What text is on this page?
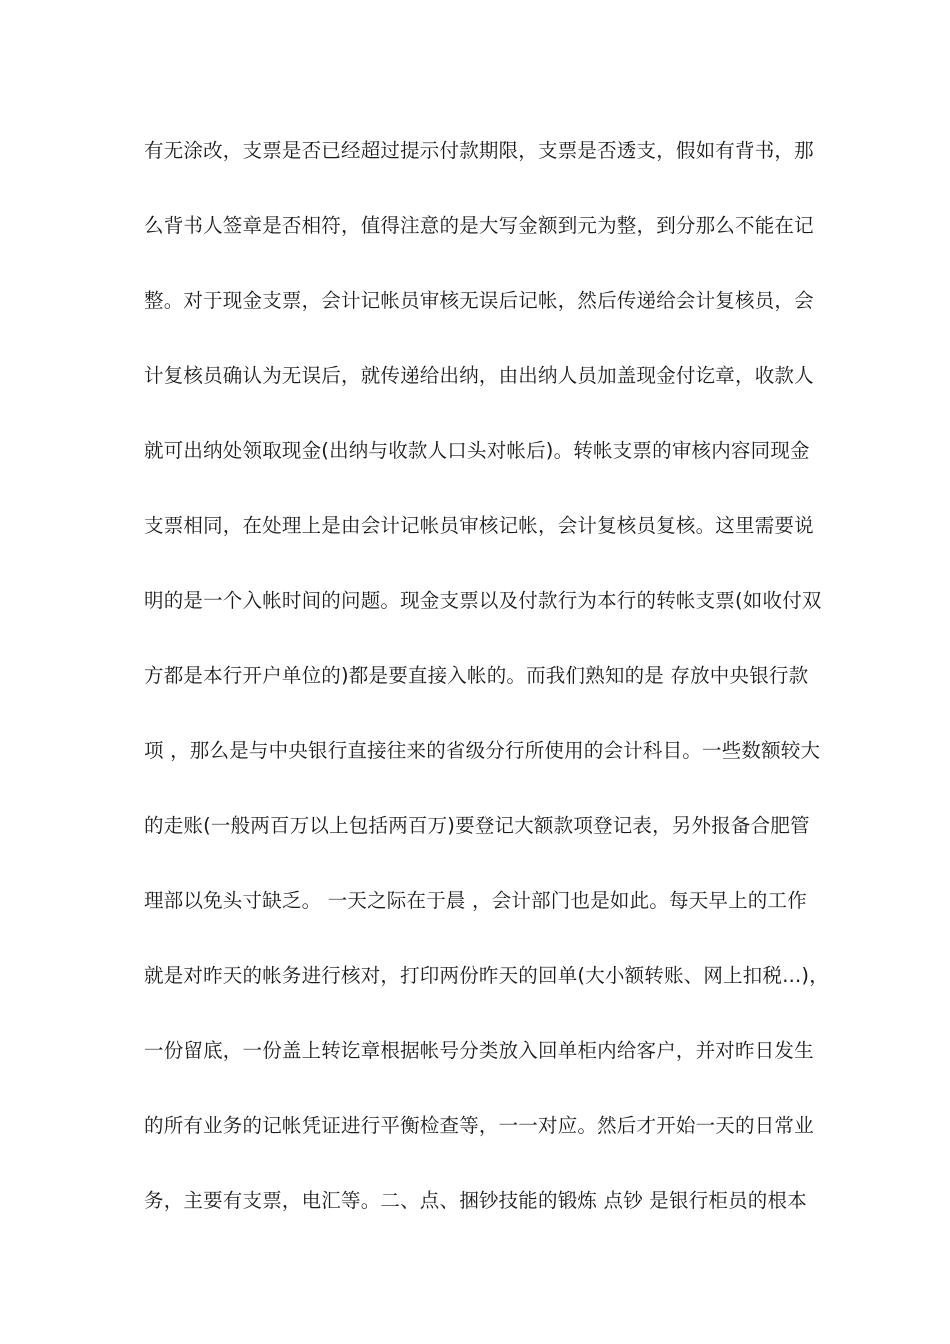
有无涂改，支票是否已经超过提示付款期限，支票是否透支，假如有背书，那
么背书人签章是否相符，值得注意的是大写金额到元为整，到分那么不能在记
整。对于现金支票，会计记帐员审核无误后记帐，然后传递给会计复核员，会
计复核员确认为无误后，就传递给出纳，由出纳人员加盖现金付讫章，收款人
就可出纳处领取现金(出纳与收款人口头对帐后)。转帐支票的审核内容同现金
支票相同，在处理上是由会计记帐员审核记帐，会计复核员复核。这里需要说
明的是一个入帐时间的问题。现金支票以及付款行为本行的转帐支票(如收付双
方都是本行开户单位的)都是要直接入帐的。而我们熟知的是 存放中央银行款
项 ，那么是与中央银行直接往来的省级分行所使用的会计科目。一些数额较大
的走账(一般两百万以上包括两百万)要登记大额款项登记表，另外报备合肥管
理部以免头寸缺乏。 一天之际在于晨 ，会计部门也是如此。每天早上的工作
就是对昨天的帐务进行核对，打印两份昨天的回单(大小额转账、网上扣税...)，
一份留底，一份盖上转讫章根据帐号分类放入回单柜内给客户，并对昨日发生
的所有业务的记帐凭证进行平衡检查等，一一对应。然后才开始一天的日常业
务，主要有支票，电汇等。二、点、捆钞技能的锻炼 点钞 是银行柜员的根本
